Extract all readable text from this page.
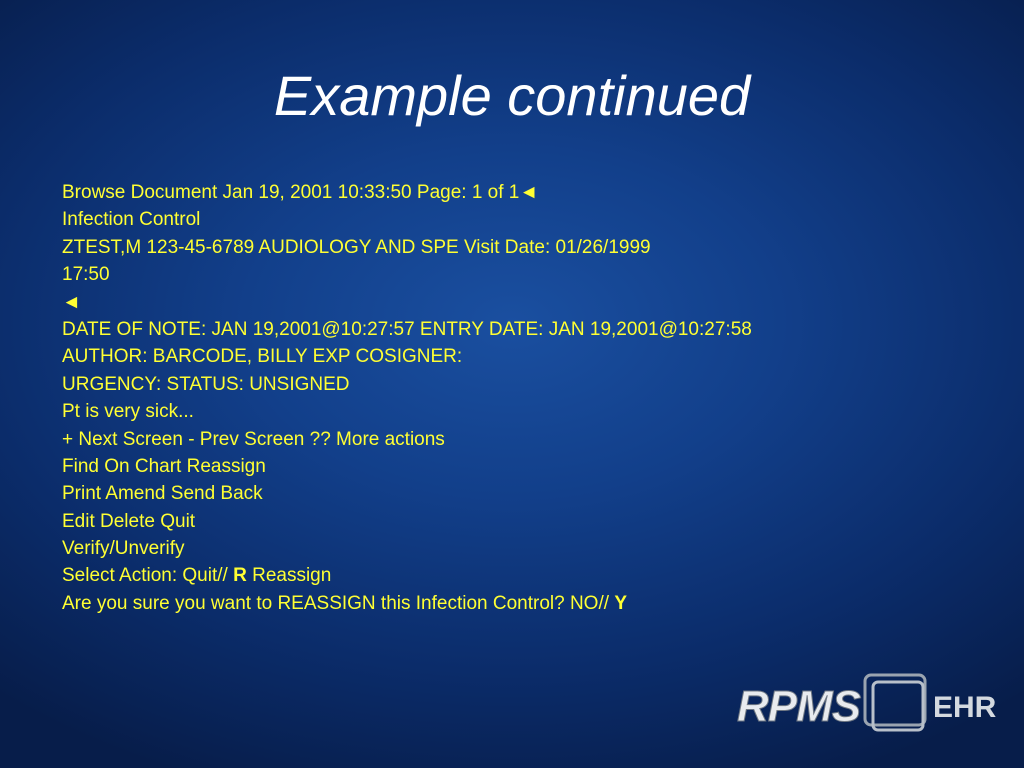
Example continued
Browse Document Jan 19, 2001 10:33:50 Page: 1 of 1◄
Infection Control
ZTEST,M 123-45-6789 AUDIOLOGY AND SPE Visit Date: 01/26/1999
17:50
◄
DATE OF NOTE: JAN 19,2001@10:27:57 ENTRY DATE: JAN 19,2001@10:27:58
AUTHOR: BARCODE, BILLY EXP COSIGNER:
URGENCY: STATUS: UNSIGNED
Pt is very sick...
+ Next Screen - Prev Screen ?? More actions
Find On Chart Reassign
Print Amend Send Back
Edit Delete Quit
Verify/Unverify
Select Action: Quit// R Reassign
Are you sure you want to REASSIGN this Infection Control? NO// Y
RPMS EHR
